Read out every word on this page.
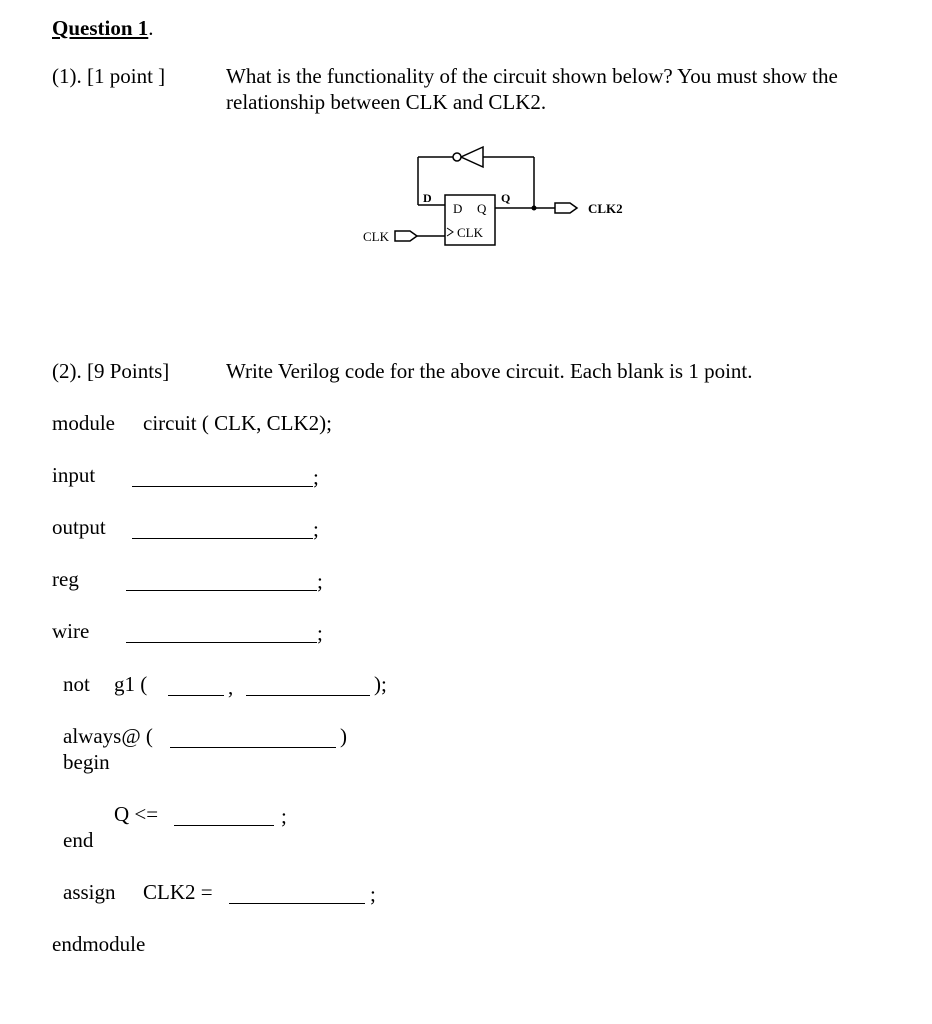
Question 1.
(1). [1 point ]	What is the functionality of the circuit shown below? You must show the
relationship between CLK and CLK2.
D Q
CLK
D	Q
CLK2
CLK
(2). [9 Points]	Write Verilog code for the above circuit. Each blank is 1 point.
module circuit ( CLK, CLK2);
input	;
output	;
reg	;
wire	;
not g1 (	,	);
always@ (	)
begin
Q <=	;
end
assign CLK2 =	;
endmodule
